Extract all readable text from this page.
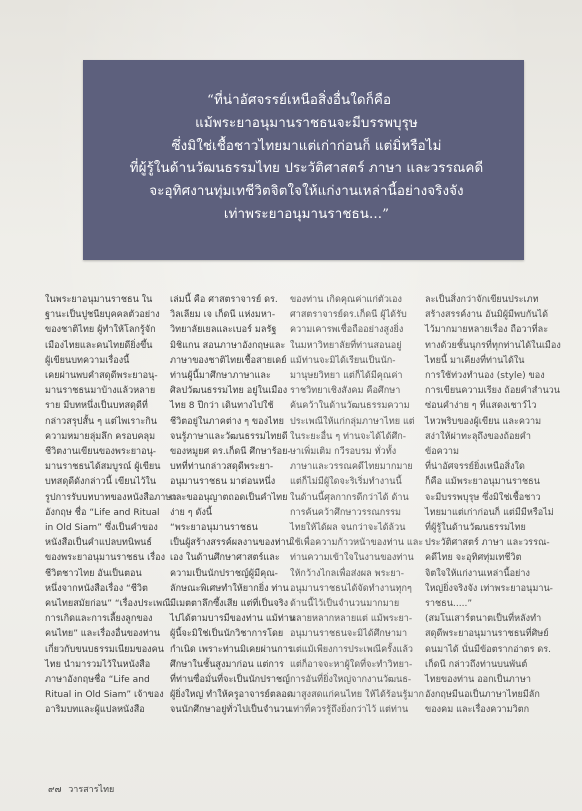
“ที่น่าอัศจรรย์เหนือสิ่งอื่นใดก็คือ
แม้พระยาอนุมานราชธนจะมีบรรพบุรุษ
ซึ่งมิใช่เชื้อชาวไทยมาแต่เก่าก่อนก็ แต่มิ่หรือไม่
ที่ผู้รู้ในด้านวัฒนธรรมไทย ประวัติศาสตร์ ภาษา และวรรณคดี
จะอุทิศงานทุ่มเทชีวิตจิตใจให้แก่งานเหล่านี้อย่างจริงจัง
เท่าพระยาอนุมานราชธน...”
ในพระยาอนุมานราชธน ใน
ฐานะเป็นปูชนียบุคคลตัวอย่าง
ของชาติไทย ผู้ทำให้โลกรู้จัก
เมืองไทยและคนไทยดียิ่งขึ้น
ผู้เขียนบทความเรื่องนี้
เคยผ่านพบคำสดุดีพระยาอนุ-
มานราชธนมาบ้างแล้วหลาย
ราย มีบทหนึ่งเป็นบทสดุดีที่
กล่าวสรุปสั้น ๆ แต่ไพเราะกิน
ความหมายลุ่มลึก ครอบคลุม
ชีวิตงานเขียนของพระยาอนุ-
มานราชธนได้สมบูรณ์ ผู้เขียน
บทสดุดีดังกล่าวนี้ เขียนไว้ใน
รูปการรับบทบาทของหนังสือภาษา
อังกฤษ ชื่อ “Life and Ritual
in Old Siam” ซึ่งเป็นคำของ
หนังสือเป็นคำแปลบทนิพนธ์
ของพระยาอนุมานราชธน เรื่อง
ชีวิตชาวไทย อันเป็นตอน
หนึ่งจากหนังสือเรื่อง “ชีวิต
คนไทยสมัยก่อน” “เรื่องประเพณี
การเกิดและการเลี้ยงลูกของ
คนไทย” และเรื่องอื่นของท่าน
เกี่ยวกับขนบธรรมเนียมของคน
ไทย นำมารวมไว้ในหนังสือ
ภาษาอังกฤษชื่อ “Life and
Ritual in Old Siam” เจ้าของ
อาริมบทและผู้แปลหนังสือ
เล่มนี้ คือ ศาสตราจารย์ ดร.
วิลเลียม เจ เก็ดนี แห่งมหา-
วิทยาลัยเยลและเบอร์ มลรัฐ
มิชิแกน สอนภาษาอังกฤษและ
ภาษาของชาติไทยเชื้อสายเดย์
ท่านผู้นี้มาศึกษาภาษาและ
ศิลปวัฒนธรรมไทย อยู่ในเมือง
ไทย 8 ปีกว่า เดินทางไปใช้
ชีวิตอยู่ในภาคต่าง ๆ ของไทย
จนรู้ภาษาและวัฒนธรรมไทยดี
ของหมูยศ ดร.เก็ดนี ศึกษาร้อย-
บทที่ท่านกล่าวสดุดีพระยา-
อนุมานราชธน มาต่อนหนึ่ง
และขออนุญาตถอดเป็นคำไทย
ง่าย ๆ ดังนี้
“พระยาอนุมานราชธน
เป็นผู้สร้างสรรค์ผลงานของท่าน
เอง ในด้านศึกษาศาสตร์และ
ความเป็นนักปราชญ์ผู้มีคุณ-
ลักษณะพิเศษทำให้ยากยิ่ง ท่าน
มีเมตตาลึกซึ้งเสีย แต่ที่เป็นจริง
ไปได้ตามบารมีของท่าน แม้ท่าน
ผู้นี้จะมิใช่เป็นนักวิชาการโดย
กำเนิด เพราะท่านมิเคยผ่านการ
ศึกษาในชั้นสูงมาก่อน แต่การ
ที่ท่านซื่อมั่นที่จะเป็นนักปราชญ์
ผู้ยิ่งใหญ่ ทำให้ครูอาจารย์ตลอด
จนนักศึกษาอยู่ทั่วไปเป็นจำนวน
ของท่าน เกิดคุณค่าแก่ตัวเอง
ศาสตราจารย์ดร.เก็ดนี ผู้ได้รับ
ความเคารพเชื่อถืออย่างสูงยิ่ง
ในมหาวิทยาลัยที่ท่านสอนอยู่
แม้ท่านจะมิได้เรียนเป็นนัก-
มานุษยวิทยา แต่ก็ได้มีคุณค่า
ราชวิทยาเชิงสังคม คือศึกษา
ค้นคว้าในด้านวัฒนธรรมความ
ประเพณีให้แก่กลุ่มภาษาไทย แต่
ในระยะอื่น ๆ ท่านจะได้ได้ศึก-
ษาเพิ่มเติม กวีรอบรม ทั่วทั้ง
ภาษาและวรรณคดีไทยมากมาย
แต่ก็ไม่มีผู้ใดจะริเริ่มทำงานนี้
ในด้านนี้ศุลกากรดีกว่าได้ ด้าน
การค้นคว้าศึกษาวรรณกรรม
ไทยให้ได้ผล จนกว่าจะได้ล้วน
ใช้เพื่อความก้าวหน้าของท่าน และ
ท่านความเข้าใจในงานของท่าน
ให้กว้างไกลเพื่อส่งผล พระยา-
อนุมานราชธนได้จัดทำงานทุกๆ
ด้านนี้ไว้เป็นจำนวนมากมาย
หลายหลากหลายแต่ แม้พระยา-
อนุมานราชธนจะมิได้ศึกษามา
แต่แม้เพียงการประเพณีครั้งแล้ว
แต่ก็อาจจะหาผู้ใดที่จะทำวิทยา-
การอันที่ยิ่งใหญ่จากงานวัฒนธ-
มาสูงสดแก่คนไทย ให้ได้ร้อนรู้มาก
เท่าที่ควรรู้ถึงยิ่งกว่าไว้ แต่ท่าน
ละเป็นสิ่งกว่าจักเขียนประเภท
สร้างสรรค์งาน อันมิผู้มีพบกันได้
ไว้มากมายหลายเรื่อง ถือวาที่ละ
ทางด้วยชั้นนุกรที่ทุกท่านได้ในเมือง
ไทยนี้ มาเคียงที่ท่านได้ใน
การใช้ท่วงทำนอง (style) ของ
การเขียนความเรียง ถ้อยคำสำนวน
ซ่อนคำง่าย ๆ ที่แสดงเชาว์ไว
ไหวพริบของผู้เขียน และความ
สง่าให้ผ่าทะลุถึงของถ้อยคำ
ข้อความ
ที่น่าอัศจรรย์ยิ่งเหนือสิ่งใด
ก็คือ แม้พระยาอนุมานราชธน
จะมีบรรพบุรุษ ซึ่งมิใช่เชื้อชาว
ไทยมาแต่เก่าก่อนก็ แต่มีมีหรือไม่
ที่ผู้รู้ในด้านวัฒนธรรมไทย
ประวัติศาสตร์ ภาษา และวรรณ-
คดีไทย จะอุทิศทุ่มเทชีวิต
จิตใจให้แก่งานเหล่านี้อย่าง
ใหญ่ยิ่งจริงจัง เท่าพระยาอนุมาน-
ราชธน.....”
(สมโนเสาร์ตนาตเป็นที่หลังทำ
สดุดีพระยาอนุมานราชธนที่ศิษย์
ดนมาได้ นั่นมีข้อตรากอ่าตร ดร.
เก็ดนี กล่าวถึงท่านบนพันต์
ไทยของท่าน ออกเป็นภาษา
อังกฤษมีนอเป็นภาษาไทยมีลัก
ของคม และเรื่องความวิตก
๙๗ วารสารไทย
